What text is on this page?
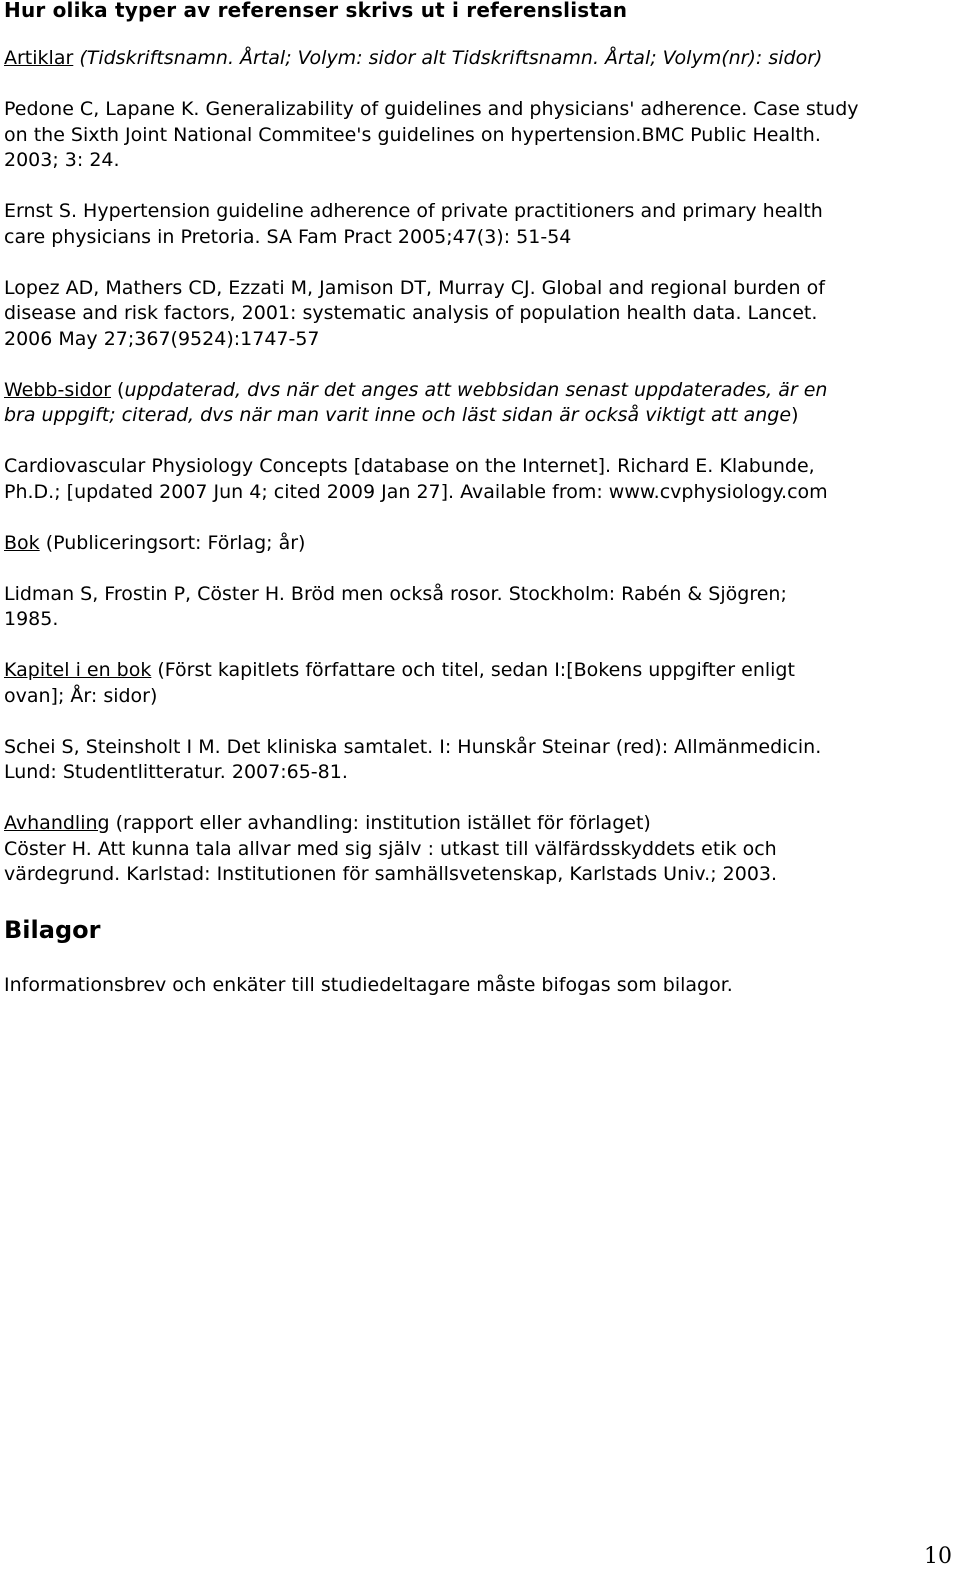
Hur olika typer av referenser skrivs ut i referenslistan

Artiklar (Tidskriftsnamn. Årtal; Volym: sidor alt Tidskriftsnamn. Årtal; Volym(nr): sidor)

Pedone C, Lapane K. Generalizability of guidelines and physicians' adherence. Case study

on the Sixth Joint National Commitee's guidelines on hypertension.BMC Public Health.

2003; 3: 24.

Ernst S. Hypertension guideline adherence of private practitioners and primary health

care physicians in Pretoria. SA Fam Pract 2005;47(3): 51-54

Lopez AD, Mathers CD, Ezzati M, Jamison DT, Murray CJ. Global and regional burden of

disease and risk factors, 2001: systematic analysis of population health data. Lancet.

2006 May 27;367(9524):1747-57

Webb-sidor (uppdaterad, dvs när det anges att webbsidan senast uppdaterades, är en

bra uppgift; citerad, dvs när man varit inne och läst sidan är också viktigt att ange)

Cardiovascular Physiology Concepts [database on the Internet]. Richard E. Klabunde,

Ph.D.; [updated 2007 Jun 4; cited 2009 Jan 27]. Available from: www.cvphysiology.com

Bok (Publiceringsort: Förlag; år)

Lidman S, Frostin P, Cöster H. Bröd men också rosor. Stockholm: Rabén & Sjögren;

1985.

Kapitel i en bok (Först kapitlets författare och titel, sedan I:[Bokens uppgifter enligt

ovan]; År: sidor)

Schei S, Steinsholt I M. Det kliniska samtalet. I: Hunskår Steinar (red): Allmänmedicin.

Lund: Studentlitteratur. 2007:65-81.

Avhandling (rapport eller avhandling: institution istället för förlaget)

Cöster H. Att kunna tala allvar med sig själv : utkast till välfärdsskyddets etik och

värdegrund. Karlstad: Institutionen för samhällsvetenskap, Karlstads Univ.; 2003.

Bilagor

Informationsbrev och enkäter till studiedeltagare måste bifogas som bilagor.

10
